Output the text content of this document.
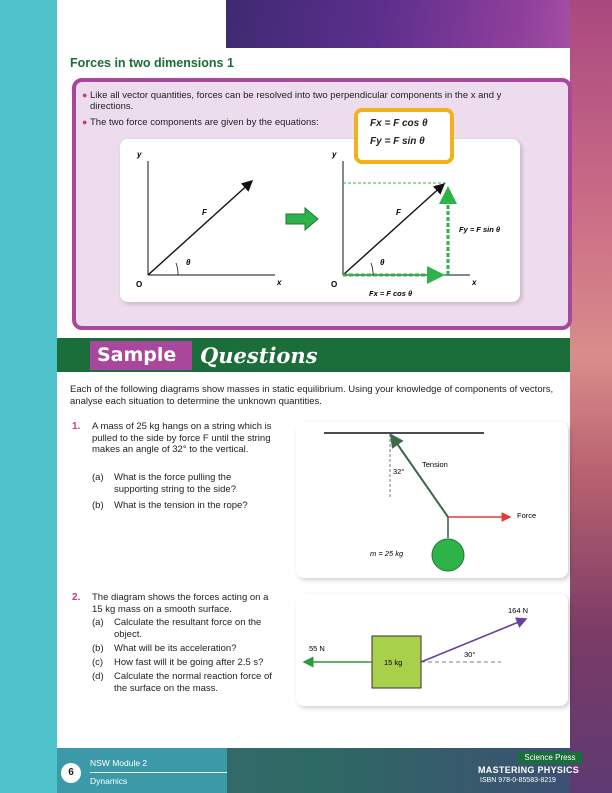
Forces in two dimensions 1
● Like all vector quantities, forces can be resolved into two perpendicular components in the x and y directions.
● The two force components are given by the equations:
y
x
O
F
θ
y
x
O
F
θ
Fy = F sin θ
Fx = F cos θ
Fx = F cos θ
Fy = F sin θ
Sample Questions
Each of the following diagrams show masses in static equilibrium. Using your knowledge of components of vectors, analyse each situation to determine the unknown quantities.
1. A mass of 25 kg hangs on a string which is pulled to the side by force F until the string makes an angle of 32° to the vertical.
(a) What is the force pulling the supporting string to the side?
(b) What is the tension in the rope?
32°
Tension
Force
m = 25 kg
2. The diagram shows the forces acting on a 15 kg mass on a smooth surface.
(a) Calculate the resultant force on the object.
(b) What will be its acceleration?
(c) How fast will it be going after 2.5 s?
(d) Calculate the normal reaction force of the surface on the mass.
55 N
164 N
30°
15 kg
6
NSW Module 2
Dynamics
Science Press
MASTERING PHYSICS
ISBN 978-0-85583-8219
